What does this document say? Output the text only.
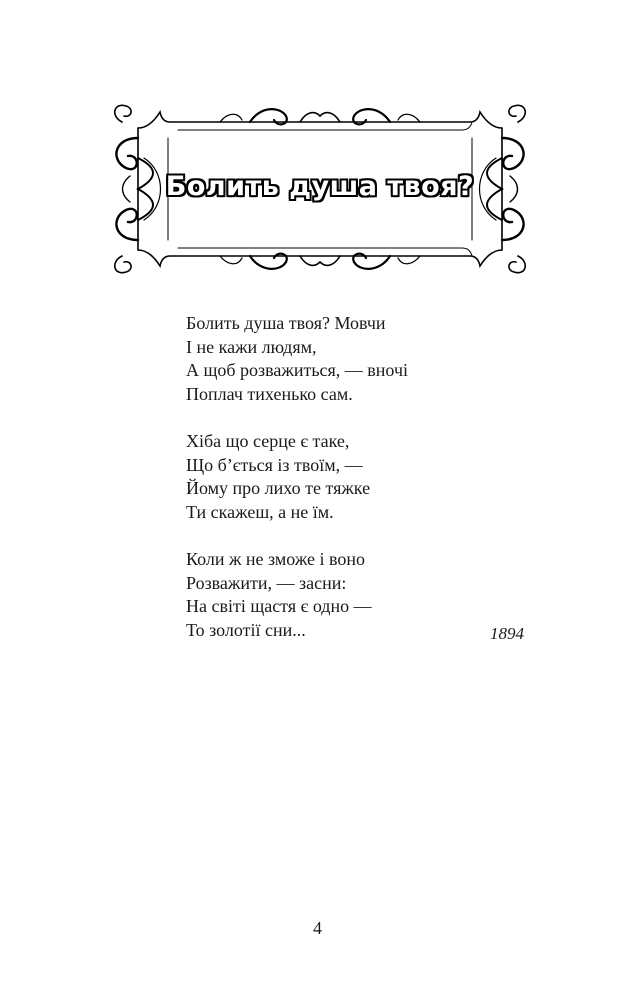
Болить душа твоя?
Болить душа твоя? Мовчи
І не кажи людям,
А щоб розважиться, — вночі
Поплач тихенько сам.
Хіба що серце є таке,
Що б’ється із твоїм, —
Йому про лихо те тяжке
Ти скажеш, а не їм.
Коли ж не зможе і воно
Розважити, — засни:
На світі щастя є одно —
То золотії сни...	1894
4
